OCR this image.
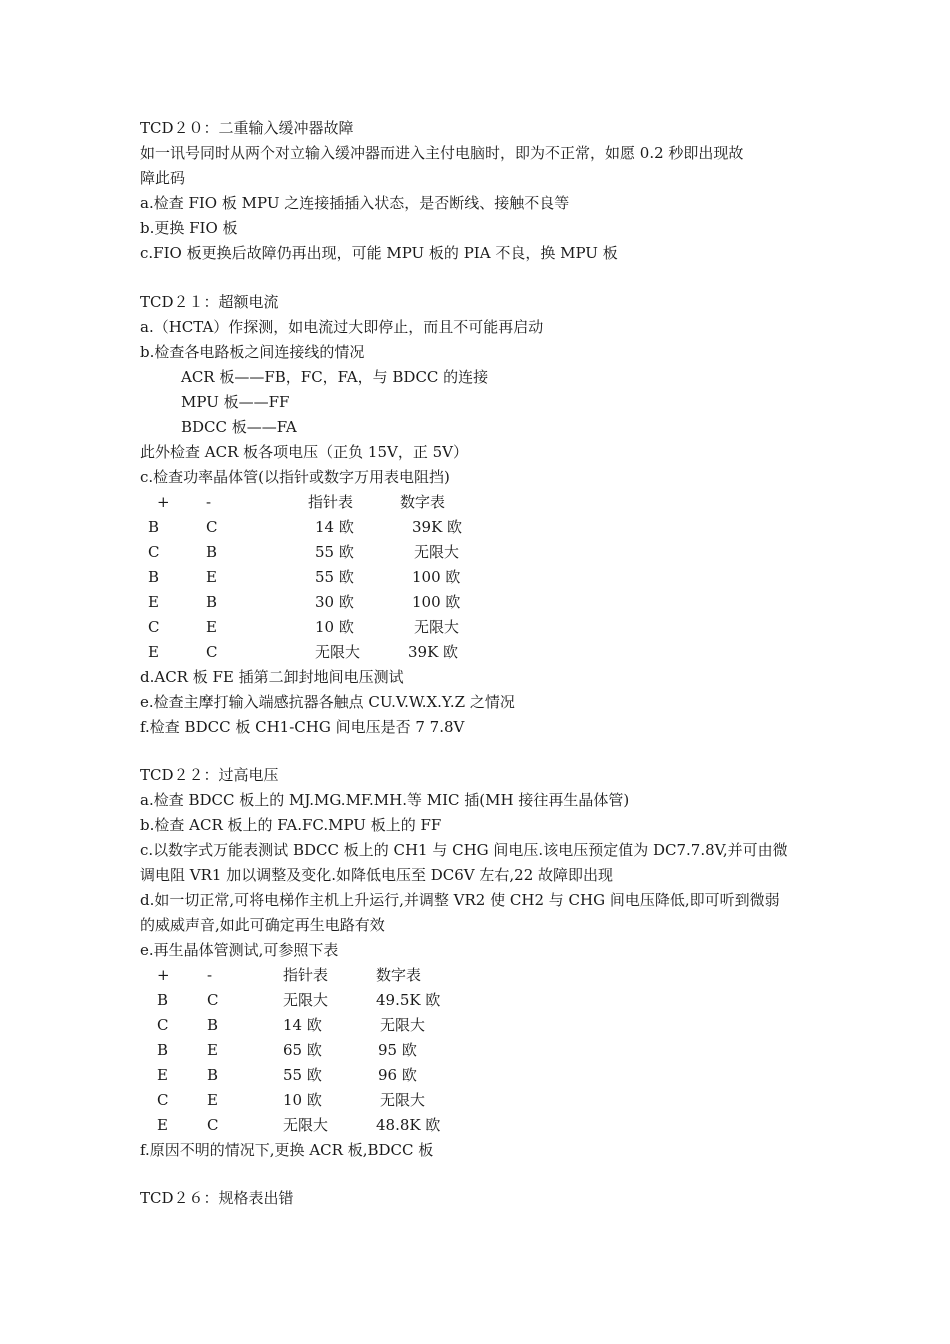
TCD２０：二重输入缓冲器故障
如一讯号同时从两个对立输入缓冲器而进入主付电脑时，即为不正常，如愿 0.2 秒即出现故
障此码
a.检查 FIO 板 MPU 之连接插插入状态，是否断线、接触不良等
b.更换 FIO 板
c.FIO 板更换后故障仍再出现，可能 MPU 板的 PIA 不良，换 MPU 板
TCD２１：超额电流
a.（HCTA）作探测，如电流过大即停止，而且不可能再启动
b.检查各电路板之间连接线的情况
ACR 板——FB，FC，FA，与 BDCC 的连接
MPU 板——FF
BDCC 板——FA
此外检查 ACR 板各项电压（正负 15V，正 5V）
c.检查功率晶体管(以指针或数字万用表电阻挡)
+ -	指针表	数字表
B	C	14 欧	39K 欧
C	B	55 欧	无限大
B	E	55 欧	100 欧
E	B	30 欧	100 欧
C	E	10 欧	无限大
E	C	无限大	39K 欧
d.ACR 板 FE 插第二卸封地间电压测试
e.检查主摩打输入端感抗器各触点 CU.V.W.X.Y.Z 之情况
f.检查 BDCC 板 CH1-CHG 间电压是否 7 7.8V
TCD２２：过高电压
a.检查 BDCC 板上的 MJ.MG.MF.MH.等 MIC 插(MH 接往再生晶体管)
b.检查 ACR 板上的 FA.FC.MPU 板上的 FF
c.以数字式万能表测试 BDCC 板上的 CH1 与 CHG 间电压.该电压预定值为 DC7.7.8V,并可由微
调电阻 VR1 加以调整及变化.如降低电压至 DC6V 左右,22 故障即出现
d.如一切正常,可将电梯作主机上升运行,并调整 VR2 使 CH2 与 CHG 间电压降低,即可听到微弱
的威威声音,如此可确定再生电路有效
e.再生晶体管测试,可参照下表
+ -	指针表	数字表
B	C	无限大	49.5K 欧
C	B	14 欧	无限大
B	E	65 欧	95 欧
E	B	55 欧	96 欧
C	E	10 欧	无限大
E	C	无限大	48.8K 欧
f.原因不明的情况下,更换 ACR 板,BDCC 板
TCD２６：规格表出错
